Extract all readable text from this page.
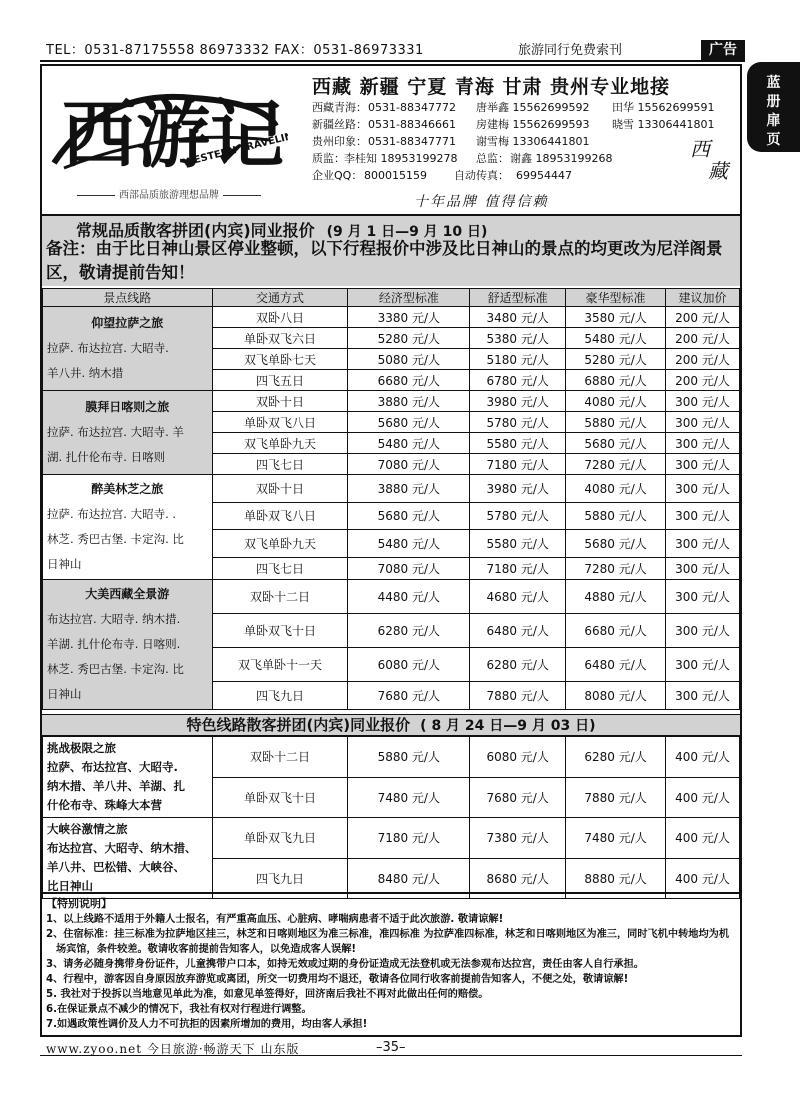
TEL：0531-87175558 86973332 FAX：0531-86973331	旅游同行免费索刊	广告
蓝
册
扉
页
西游记
WESTERN TRAVELING
西部品质旅游理想品牌
西藏 新疆 宁夏 青海 甘肃 贵州专业地接
西藏青海：0531-88347772 唐举鑫 15562699592 田华 15562699591
新疆丝路：0531-88346661 房建梅 15562699593 晓雪 13306441801
贵州印象：0531-88347771 谢雪梅 13306441801
质监：李桂知 18953199278 总监：谢鑫 18953199268
企业QQ： 800015159 自动传真： 69954447
西
藏
十年品牌 值得信赖
常规品质散客拼团(内宾)同业报价 (9 月 1 日—9 月 10 日)
备注：由于比日神山景区停业整顿，以下行程报价中涉及比日神山的景点的均更改为尼洋阁景区，敬请提前告知！
景点线路	交通方式	经济型标准	舒适型标准	豪华型标准	建议加价

仰望拉萨之旅
拉萨. 布达拉宫. 大昭寺.
羊八井. 纳木措	双卧八日	3380 元/人	3480 元/人	3580 元/人	200 元/人
	单卧双飞六日	5280 元/人	5380 元/人	5480 元/人	200 元/人
	双飞单卧七天	5080 元/人	5180 元/人	5280 元/人	200 元/人
	四飞五日	6680 元/人	6780 元/人	6880 元/人	200 元/人

膜拜日喀则之旅
拉萨. 布达拉宫. 大昭寺. 羊
湖. 扎什伦布寺. 日喀则	双卧十日	3880 元/人	3980 元/人	4080 元/人	300 元/人
	单卧双飞八日	5680 元/人	5780 元/人	5880 元/人	300 元/人
	双飞单卧九天	5480 元/人	5580 元/人	5680 元/人	300 元/人
	四飞七日	7080 元/人	7180 元/人	7280 元/人	300 元/人

醉美林芝之旅
拉萨. 布达拉宫. 大昭寺. .
林芝. 秀巴古堡. 卡定沟. 比
日神山	双卧十日	3880 元/人	3980 元/人	4080 元/人	300 元/人
	单卧双飞八日	5680 元/人	5780 元/人	5880 元/人	300 元/人
	双飞单卧九天	5480 元/人	5580 元/人	5680 元/人	300 元/人
	四飞七日	7080 元/人	7180 元/人	7280 元/人	300 元/人

大美西藏全景游
布达拉宫. 大昭寺. 纳木措.
羊湖. 扎什伦布寺. 日喀则.
林芝. 秀巴古堡. 卡定沟. 比
日神山	双卧十二日	4480 元/人	4680 元/人	4880 元/人	300 元/人
	单卧双飞十日	6280 元/人	6480 元/人	6680 元/人	300 元/人
	双飞单卧十一天	6080 元/人	6280 元/人	6480 元/人	300 元/人
	四飞九日	7680 元/人	7880 元/人	8080 元/人	300 元/人
特色线路散客拼团(内宾)同业报价 ( 8 月 24 日—9 月 03 日)
挑战极限之旅
拉萨、布达拉宫、大昭寺.
纳木措、羊八井、羊湖、扎
什伦布寺、珠峰大本营	双卧十二日	5880 元/人	6080 元/人	6280 元/人	400 元/人
	单卧双飞十日	7480 元/人	7680 元/人	7880 元/人	400 元/人

大峡谷激情之旅
布达拉宫、大昭寺、纳木措、
羊八井、巴松错、大峡谷、
比日神山	单卧双飞九日	7180 元/人	7380 元/人	7480 元/人	400 元/人
	四飞九日	8480 元/人	8680 元/人	8880 元/人	400 元/人
【特别说明】

1、以上线路不适用于外籍人士报名，有严重高血压、心脏病、哮喘病患者不适于此次旅游. 敬请谅解!

2、住宿标准：挂三标准为拉萨地区挂三，林芝和日喀则地区为准三标准，准四标准 为拉萨准四标准，林芝和日喀则地区为准三，同时飞机中转地均为机场宾馆，条件较差。敬请收客前提前告知客人，以免造成客人误解!

3、请务必随身携带身份证件，儿童携带户口本，如持无效或过期的身份证造成无法登机或无法参观布达拉宫，责任由客人自行承担。

4、行程中，游客因自身原因放弃游览或离团，所交一切费用均不退还，敬请各位同行收客前提前告知客人，不便之处，敬请谅解!

5. 我社对于投拆以当地意见单此为准，如意见单签得好，回济南后我社不再对此做出任何的赔偿。

6.在保证景点不减少的情况下，我社有权对行程进行调整。

7.如遇政策性调价及人力不可抗拒的因素所增加的费用，均由客人承担!

www.zyoo.net 今日旅游·畅游天下 山东版	–35–
